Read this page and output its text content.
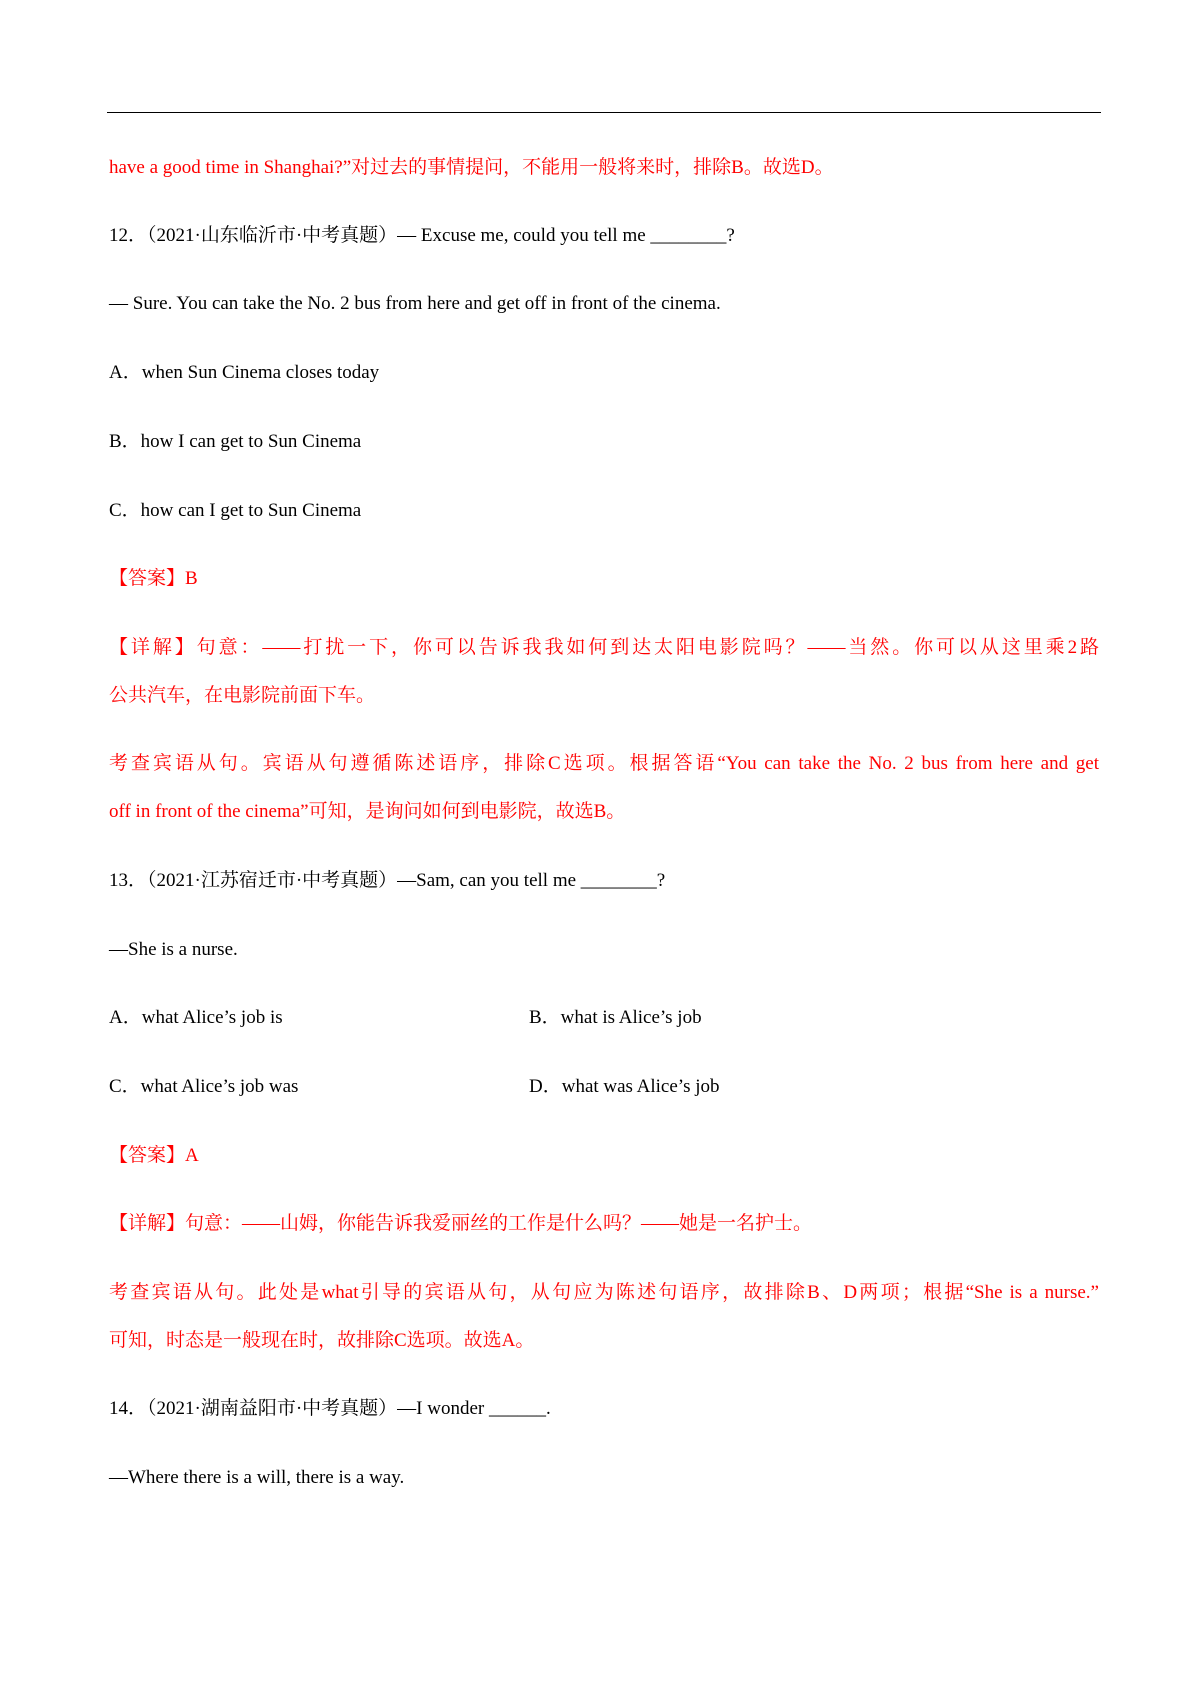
have a good time in Shanghai?”对过去的事情提问，不能用一般将来时，排除B。故选D。
12．（2021·山东临沂市·中考真题）— Excuse me, could you tell me ________?
— Sure. You can take the No. 2 bus from here and get off in front of the cinema.
A．when Sun Cinema closes today
B．how I can get to Sun Cinema
C．how can I get to Sun Cinema
【答案】B
【详解】句意：——打扰一下，你可以告诉我我如何到达太阳电影院吗？——当然。你可以从这里乘2路
公共汽车，在电影院前面下车。
考查宾语从句。宾语从句遵循陈述语序，排除C选项。根据答语“You can take the No. 2 bus from here and get
off in front of the cinema”可知，是询问如何到电影院，故选B。
13．（2021·江苏宿迁市·中考真题）—Sam, can you tell me ________?
—She is a nurse.
A．what Alice’s job is	B．what is Alice’s job
C．what Alice’s job was	D．what was Alice’s job
【答案】A
【详解】句意：——山姆，你能告诉我爱丽丝的工作是什么吗？——她是一名护士。
考查宾语从句。此处是what引导的宾语从句，从句应为陈述句语序，故排除B、D两项；根据“She is a nurse.”
可知，时态是一般现在时，故排除C选项。故选A。
14．（2021·湖南益阳市·中考真题）—I wonder ______.
—Where there is a will, there is a way.
